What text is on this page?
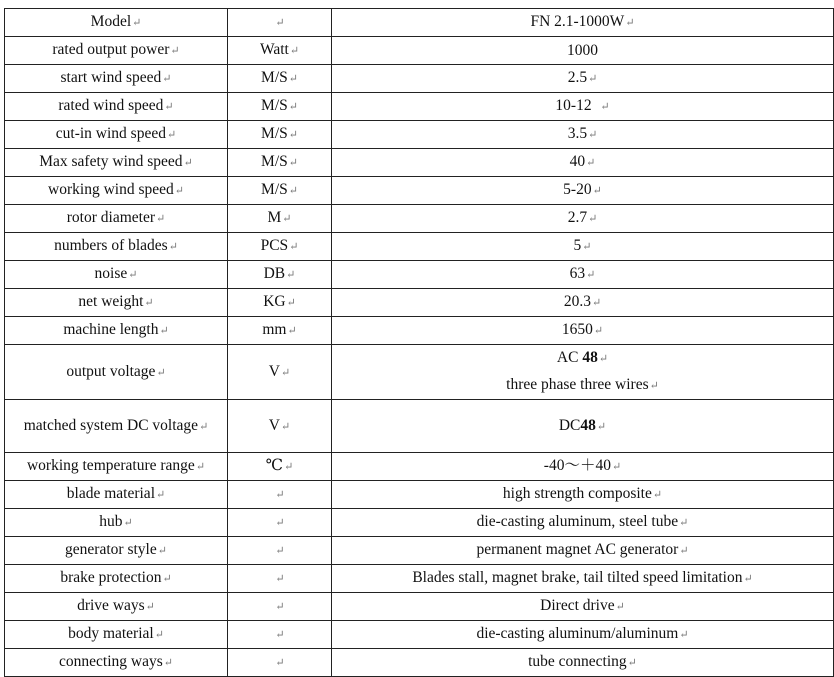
Model↵	↵	FN 2.1-1000W↵
rated output power↵	Watt↵	1000
start wind speed↵	M/S↵	2.5↵
rated wind speed↵	M/S↵	10-12 ↵
cut-in wind speed↵	M/S↵	3.5↵
Max safety wind speed↵	M/S↵	40↵
working wind speed↵	M/S↵	5-20↵
rotor diameter↵	M↵	2.7↵
numbers of blades↵	PCS↵	5↵
noise↵	DB↵	63↵
net weight↵	KG↵	20.3↵
machine length↵	mm↵	1650↵
output voltage↵	V↵	AC 48↵
three phase three wires↵

matched system DC voltage↵	V↵	DC48↵
working temperature range↵	℃↵	-40～＋40↵
blade material↵	↵	high strength composite↵
hub↵	↵	die-casting aluminum, steel tube↵
generator style↵	↵	permanent magnet AC generator↵
brake protection↵	↵	Blades stall, magnet brake, tail tilted speed limitation↵
drive ways↵	↵	Direct drive↵
body material↵	↵	die-casting aluminum/aluminum↵
connecting ways↵	↵	tube connecting↵
